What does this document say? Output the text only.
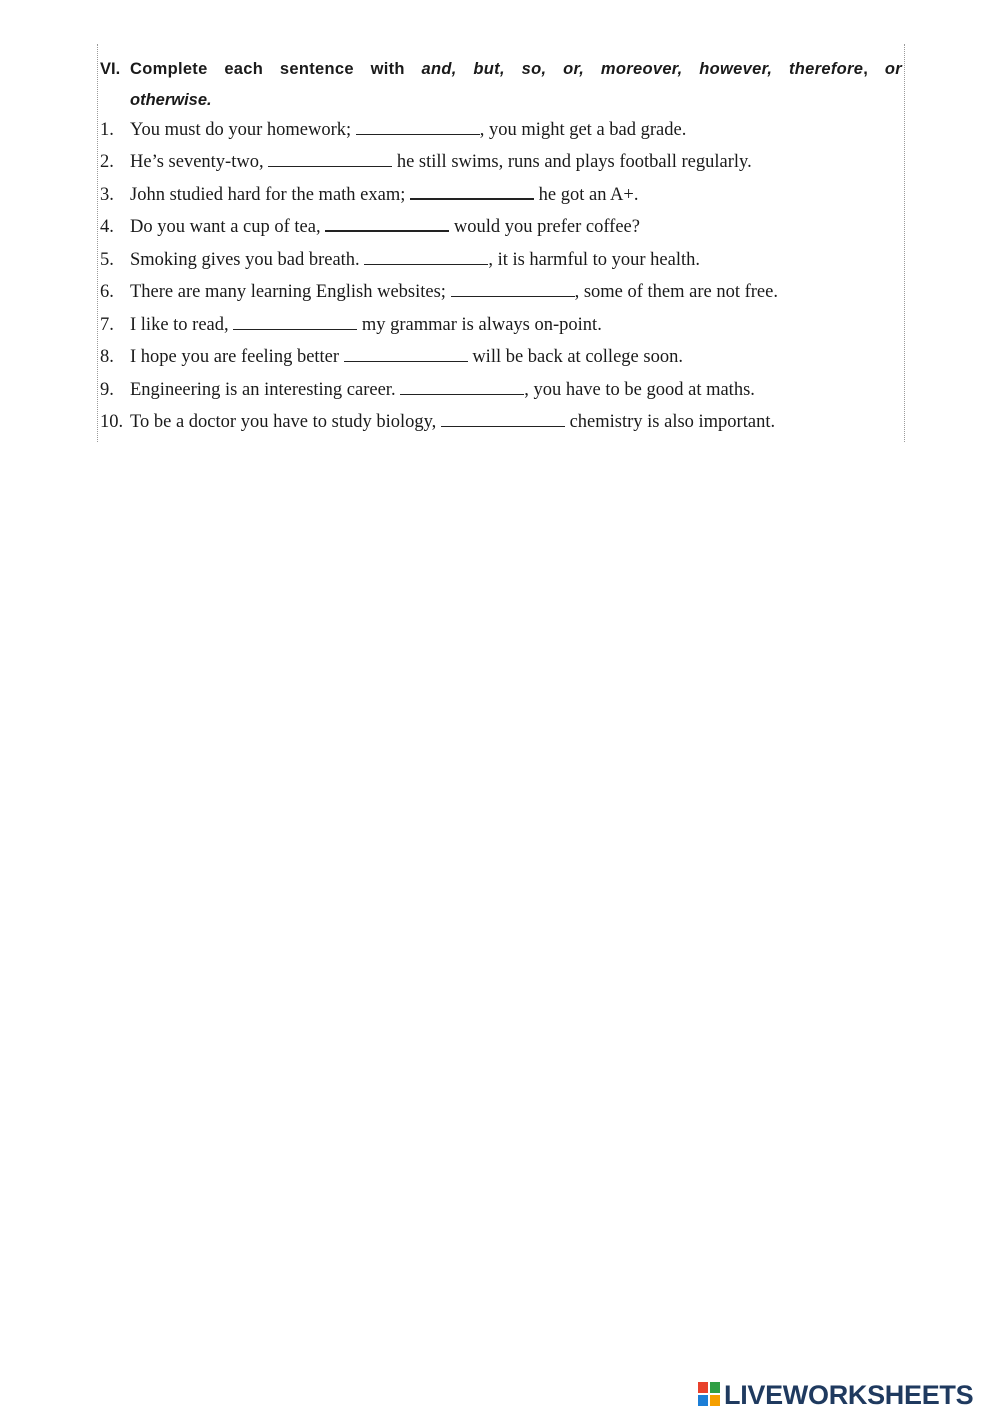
VI. Complete each sentence with and, but, so, or, moreover, however, therefore, or
otherwise.
1. You must do your homework;	, you might get a bad grade.
2. He’s seventy-two,	he still swims, runs and plays football regularly.
3. John studied hard for the math exam;	he got an A+.
4. Do you want a cup of tea,	would you prefer coffee?
5. Smoking gives you bad breath.	, it is harmful to your health.
6. There are many learning English websites;	, some of them are not free.
7. I like to read,	my grammar is always on-point.
8. I hope you are feeling better	will be back at college soon.
9. Engineering is an interesting career.	, you have to be good at maths.
10. To be a doctor you have to study biology,	chemistry is also important.
LIVEWORKSHEETS
